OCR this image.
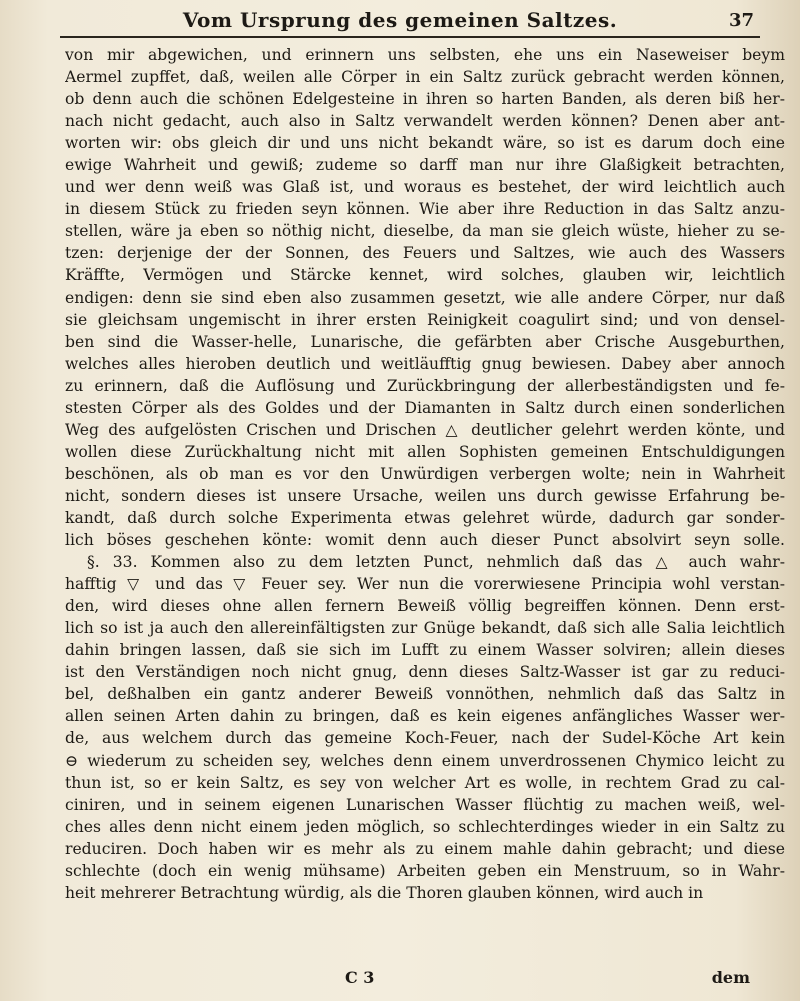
Vom Ursprung des gemeinen Saltzes.	37
von mir abgewichen, und erinnern uns selbsten, ehe uns ein Naseweiser beym
Aermel zupffet, daß, weilen alle Cörper in ein Saltz zurück gebracht werden können,
ob denn auch die schönen Edelgesteine in ihren so harten Banden, als deren biß her-
nach nicht gedacht, auch also in Saltz verwandelt werden können? Denen aber ant-
worten wir: obs gleich dir und uns nicht bekandt wäre, so ist es darum doch eine
ewige Wahrheit und gewiß; zudeme so darff man nur ihre Glaßigkeit betrachten,
und wer denn weiß was Glaß ist, und woraus es bestehet, der wird leichtlich auch
in diesem Stück zu frieden seyn können. Wie aber ihre Reduction in das Saltz anzu-
stellen, wäre ja eben so nöthig nicht, dieselbe, da man sie gleich wüste, hieher zu se-
tzen: derjenige der der Sonnen, des Feuers und Saltzes, wie auch des Wassers
Kräffte, Vermögen und Stärcke kennet, wird solches, glauben wir, leichtlich
endigen: denn sie sind eben also zusammen gesetzt, wie alle andere Cörper, nur daß
sie gleichsam ungemischt in ihrer ersten Reinigkeit coagulirt sind; und von densel-
ben sind die Wasser-helle, Lunarische, die gefärbten aber Crische Ausgeburthen,
welches alles hieroben deutlich und weitläufftig gnug bewiesen. Dabey aber annoch
zu erinnern, daß die Auflösung und Zurückbringung der allerbeständigsten und fe-
stesten Cörper als des Goldes und der Diamanten in Saltz durch einen sonderlichen
Weg des aufgelösten Crischen und Drischen △ deutlicher gelehrt werden könte, und
wollen diese Zurückhaltung nicht mit allen Sophisten gemeinen Entschuldigungen
beschönen, als ob man es vor den Unwürdigen verbergen wolte; nein in Wahrheit
nicht, sondern dieses ist unsere Ursache, weilen uns durch gewisse Erfahrung be-
kandt, daß durch solche Experimenta etwas gelehret würde, dadurch gar sonder-
lich böses geschehen könte: womit denn auch dieser Punct absolvirt seyn solle.
§. 33. Kommen also zu dem letzten Punct, nehmlich daß das △ auch wahr-
hafftig ▽ und das ▽ Feuer sey. Wer nun die vorerwiesene Principia wohl verstan-
den, wird dieses ohne allen fernern Beweiß völlig begreiffen können. Denn erst-
lich so ist ja auch den allereinfältigsten zur Gnüge bekandt, daß sich alle Salia leichtlich
dahin bringen lassen, daß sie sich im Lufft zu einem Wasser solviren; allein dieses
ist den Verständigen noch nicht gnug, denn dieses Saltz-Wasser ist gar zu reduci-
bel, deßhalben ein gantz anderer Beweiß vonnöthen, nehmlich daß das Saltz in
allen seinen Arten dahin zu bringen, daß es kein eigenes anfängliches Wasser wer-
de, aus welchem durch das gemeine Koch-Feuer, nach der Sudel-Köche Art kein
⊖ wiederum zu scheiden sey, welches denn einem unverdrossenen Chymico leicht zu
thun ist, so er kein Saltz, es sey von welcher Art es wolle, in rechtem Grad zu cal-
ciniren, und in seinem eigenen Lunarischen Wasser flüchtig zu machen weiß, wel-
ches alles denn nicht einem jeden möglich, so schlechterdinges wieder in ein Saltz zu
reduciren. Doch haben wir es mehr als zu einem mahle dahin gebracht; und diese
schlechte (doch ein wenig mühsame) Arbeiten geben ein Menstruum, so in Wahr-
heit mehrerer Betrachtung würdig, als die Thoren glauben können, wird auch in
C 3	dem
